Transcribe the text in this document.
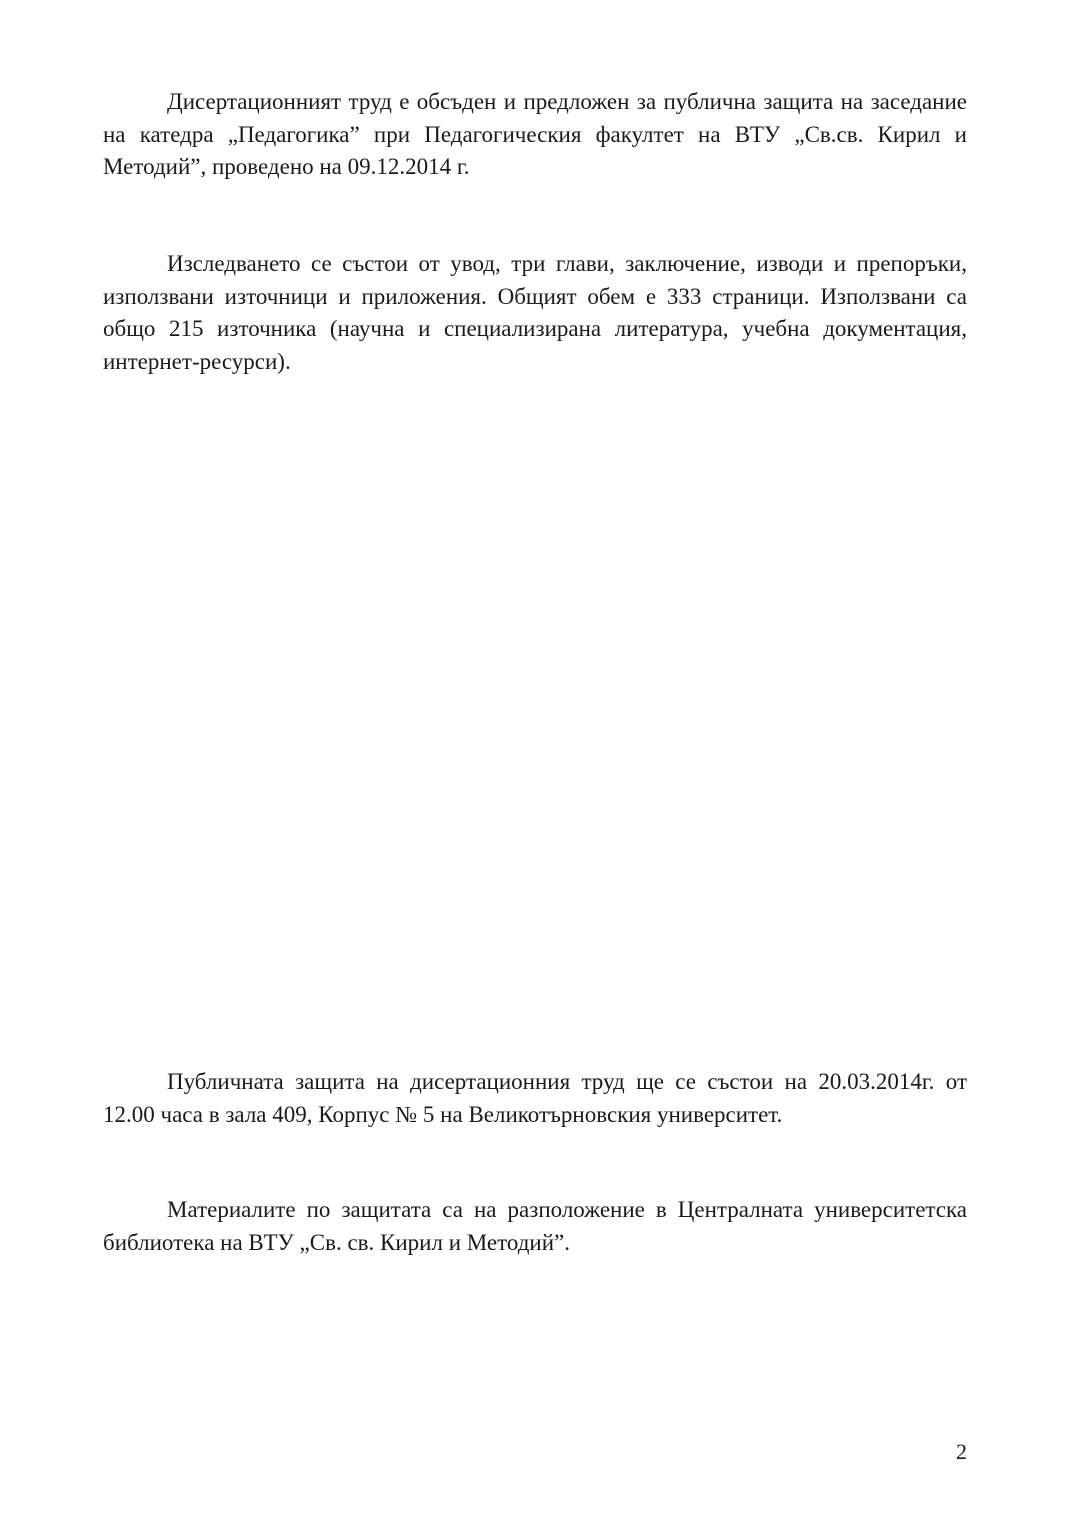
Дисертационният труд е обсъден и предложен за публична защита на заседание на катедра „Педагогика” при Педагогическия факултет на ВТУ „Св.св. Кирил и Методий”, проведено на 09.12.2014 г.

Изследването се състои от увод, три глави, заключение, изводи и препоръки, използвани източници и приложения. Общият обем е 333 страници. Използвани са общо 215 източника (научна и специализирана литература, учебна документация, интернет-ресурси).

Публичната защита на дисертационния труд ще се състои на 20.03.2014г. от 12.00 часа в зала 409, Корпус № 5 на Великотърновския университет.

Материалите по защитата са на разположение в Централната университетска библиотека на ВТУ „Св. св. Кирил и Методий”.

2
